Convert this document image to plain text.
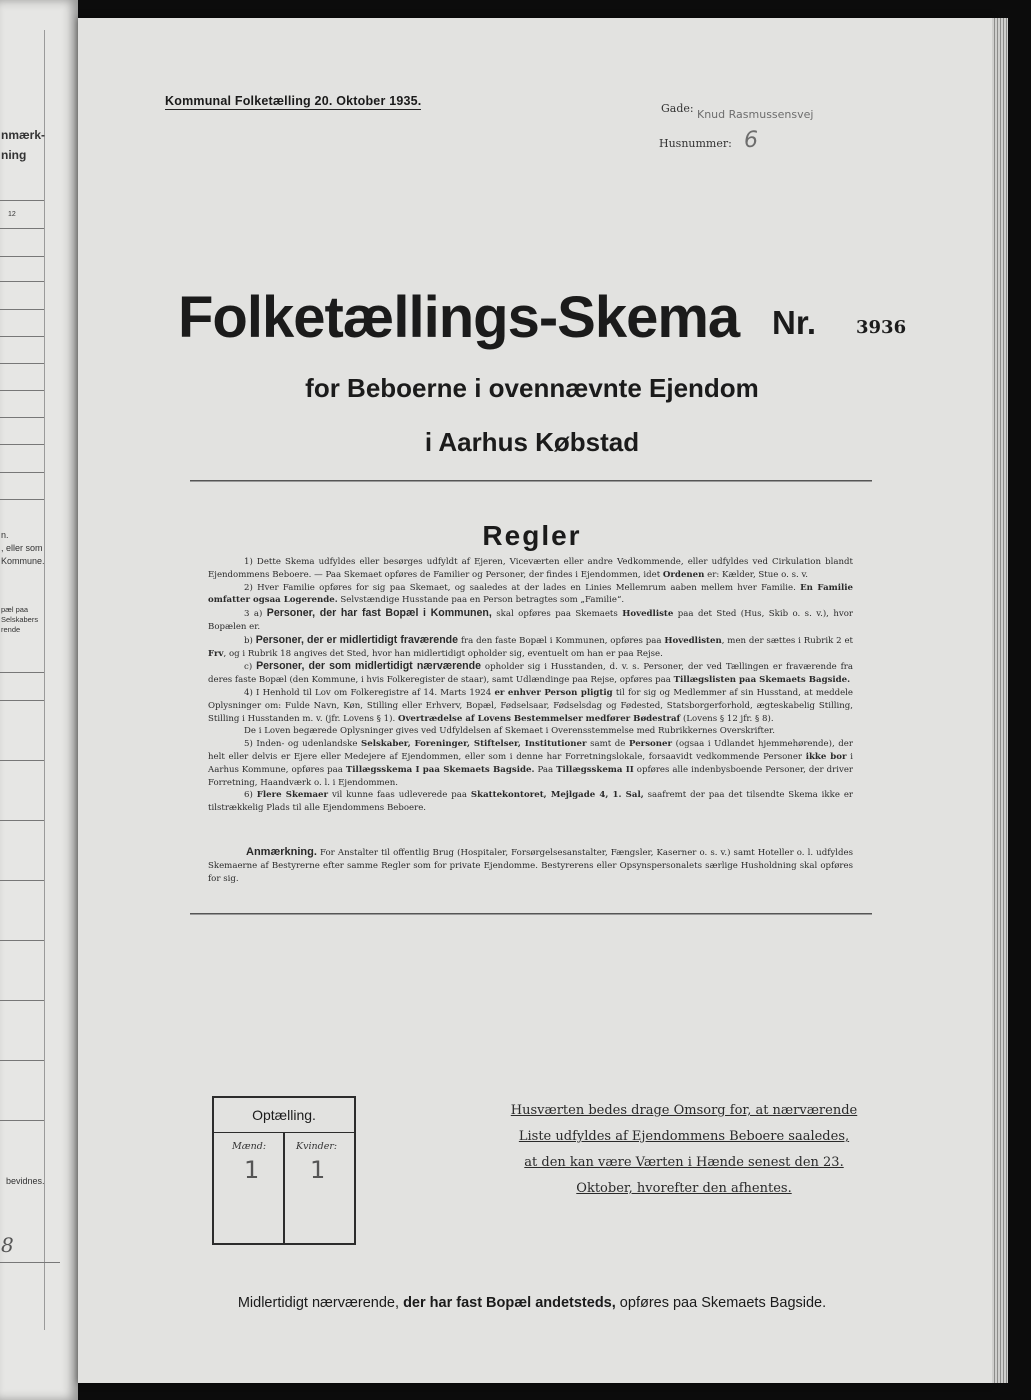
nmærk-
ning
12
n.
, eller som
Kommune.
pæl paa
Selskabers
rende
bevidnes.
8
Kommunal Folketælling 20. Oktober 1935.
Gade: Knud Rasmussensvej
Husnummer: 6
Folketællings-Skema Nr. 3936
for Beboerne i ovennævnte Ejendom
i Aarhus Købstad
Regler

1) Dette Skema udfyldes eller besørges udfyldt af Ejeren, Viceværten eller andre Vedkommende, eller udfyldes ved Cirkulation blandt Ejendommens Beboere. — Paa Skemaet opføres de Familier og Personer, der findes i Ejendommen, idet Ordenen er: Kælder, Stue o. s. v.

2) Hver Familie opføres for sig paa Skemaet, og saaledes at der lades en Linies Mellemrum aaben mellem hver Familie. En Familie omfatter ogsaa Logerende. Selvstændige Husstande paa en Person betragtes som „Familie“.

3 a) Personer, der har fast Bopæl i Kommunen, skal opføres paa Skemaets Hovedliste paa det Sted (Hus, Skib o. s. v.), hvor Bopælen er.

b) Personer, der er midlertidigt fraværende fra den faste Bopæl i Kommunen, opføres paa Hovedlisten, men der sættes i Rubrik 2 et Frv, og i Rubrik 18 angives det Sted, hvor han midlertidigt opholder sig, eventuelt om han er paa Rejse.

c) Personer, der som midlertidigt nærværende opholder sig i Husstanden, d. v. s. Personer, der ved Tællingen er fraværende fra deres faste Bopæl (den Kommune, i hvis Folkeregister de staar), samt Udlændinge paa Rejse, opføres paa Tillægslisten paa Skemaets Bagside.

4) I Henhold til Lov om Folkeregistre af 14. Marts 1924 er enhver Person pligtig til for sig og Medlemmer af sin Husstand, at meddele Oplysninger om: Fulde Navn, Køn, Stilling eller Erhverv, Bopæl, Fødselsaar, Fødselsdag og Fødested, Statsborgerforhold, ægteskabelig Stilling, Stilling i Husstanden m. v. (jfr. Lovens § 1). Overtrædelse af Lovens Bestemmelser medfører Bødestraf (Lovens § 12 jfr. § 8).

De i Loven begærede Oplysninger gives ved Udfyldelsen af Skemaet i Overensstemmelse med Rubrikkernes Overskrifter.

5) Inden- og udenlandske Selskaber, Foreninger, Stiftelser, Institutioner samt de Personer (ogsaa i Udlandet hjemmehørende), der helt eller delvis er Ejere eller Medejere af Ejendommen, eller som i denne har Forretningslokale, forsaavidt vedkommende Personer ikke bor i Aarhus Kommune, opføres paa Tillægsskema I paa Skemaets Bagside. Paa Tillægsskema II opføres alle indenbysboende Personer, der driver Forretning, Haandværk o. l. i Ejendommen.

6) Flere Skemaer vil kunne faas udleverede paa Skattekontoret, Mejlgade 4, 1. Sal, saafremt der paa det tilsendte Skema ikke er tilstrækkelig Plads til alle Ejendommens Beboere.

Anmærkning. For Anstalter til offentlig Brug (Hospitaler, Forsørgelsesanstalter, Fængsler, Kaserner o. s. v.) samt Hoteller o. l. udfyldes Skemaerne af Bestyrerne efter samme Regler som for private Ejendomme. Bestyrerens eller Opsynspersonalets særlige Husholdning skal opføres for sig.

Optælling.
Mænd:
1
Kvinder:
1
Husværten bedes drage Omsorg for, at nærværende
Liste udfyldes af Ejendommens Beboere saaledes,
at den kan være Værten i Hænde senest den 23.
Oktober, hvorefter den afhentes.
Midlertidigt nærværende, der har fast Bopæl andetsteds, opføres paa Skemaets Bagside.
